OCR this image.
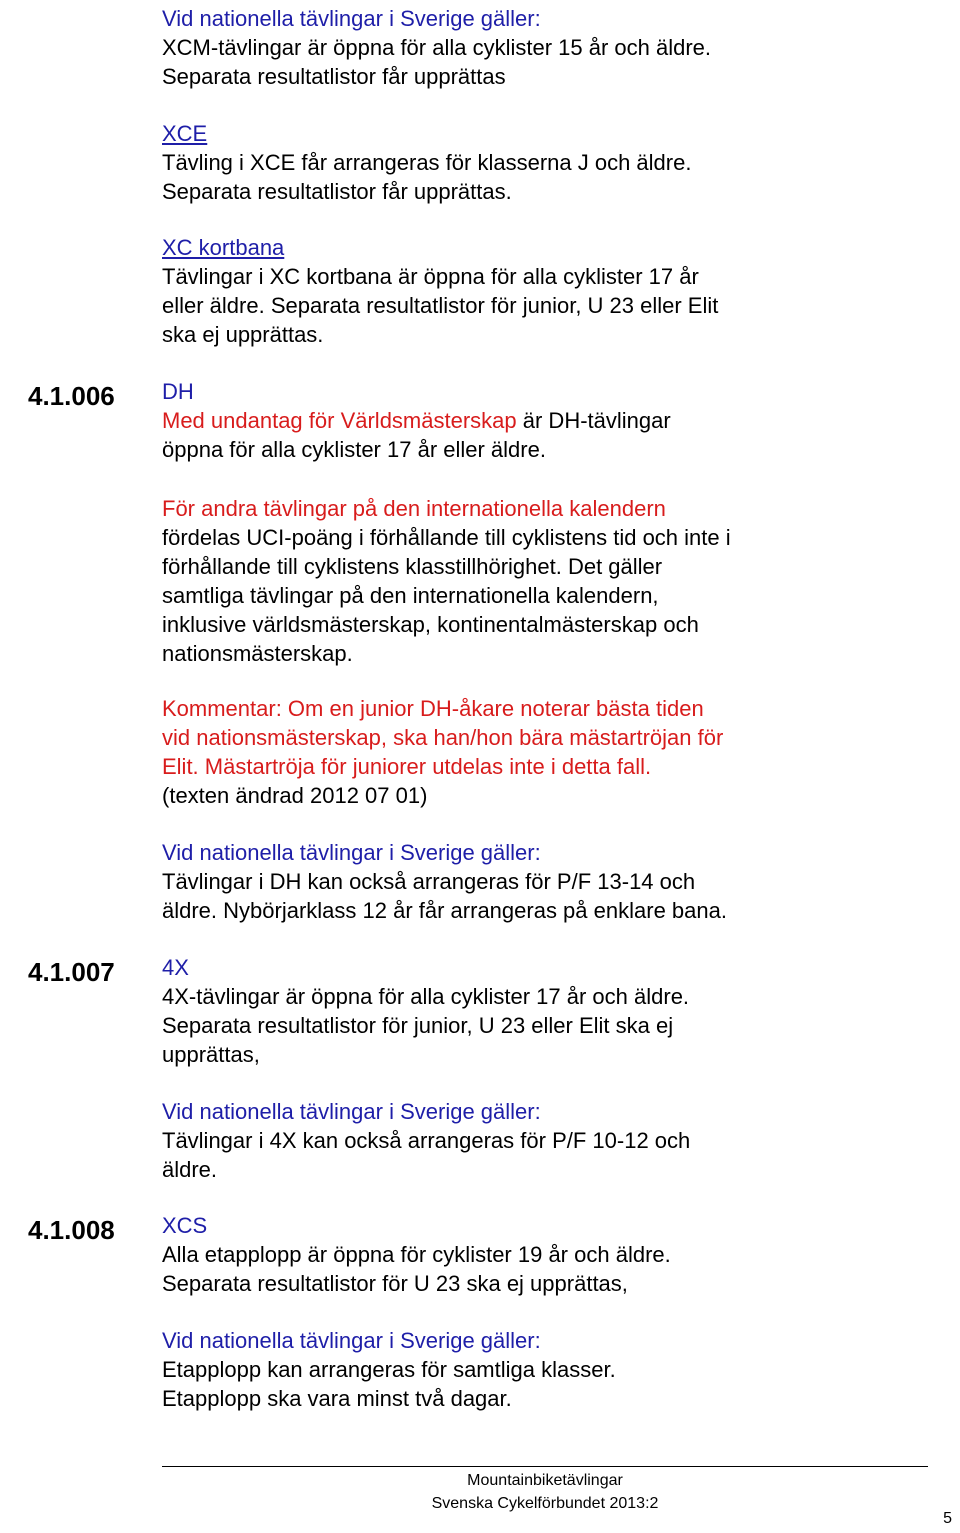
Vid nationella tävlingar i Sverige gäller:
XCM-tävlingar är öppna för alla cyklister 15 år och äldre.
Separata resultatlistor får upprättas
XCE
Tävling i XCE får arrangeras för klasserna J och äldre.
Separata resultatlistor får upprättas.
XC kortbana
Tävlingar i XC kortbana är öppna för alla cyklister 17 år
eller äldre. Separata resultatlistor för junior, U 23 eller Elit
ska ej upprättas.
4.1.006 DH
Med undantag för Världsmästerskap är DH-tävlingar
öppna för alla cyklister 17 år eller äldre.
För andra tävlingar på den internationella kalendern
fördelas UCI-poäng i förhållande till cyklistens tid och inte i
förhållande till cyklistens klasstillhörighet. Det gäller
samtliga tävlingar på den internationella kalendern,
inklusive världsmästerskap, kontinentalmästerskap och
nationsmästerskap.
Kommentar: Om en junior DH-åkare noterar bästa tiden
vid nationsmästerskap, ska han/hon bära mästartröjan för
Elit. Mästartröja för juniorer utdelas inte i detta fall.
(texten ändrad 2012 07 01)
Vid nationella tävlingar i Sverige gäller:
Tävlingar i DH kan också arrangeras för P/F 13-14 och
äldre. Nybörjarklass 12 år får arrangeras på enklare bana.
4.1.007 4X
4X-tävlingar är öppna för alla cyklister 17 år och äldre.
Separata resultatlistor för junior, U 23 eller Elit ska ej
upprättas,
Vid nationella tävlingar i Sverige gäller:
Tävlingar i 4X kan också arrangeras för P/F 10-12 och
äldre.
4.1.008 XCS
Alla etapplopp är öppna för cyklister 19 år och äldre.
Separata resultatlistor för U 23 ska ej upprättas,
Vid nationella tävlingar i Sverige gäller:
Etapplopp kan arrangeras för samtliga klasser.
Etapplopp ska vara minst två dagar.
Mountainbiketävlingar
Svenska Cykelförbundet 2013:2
5
